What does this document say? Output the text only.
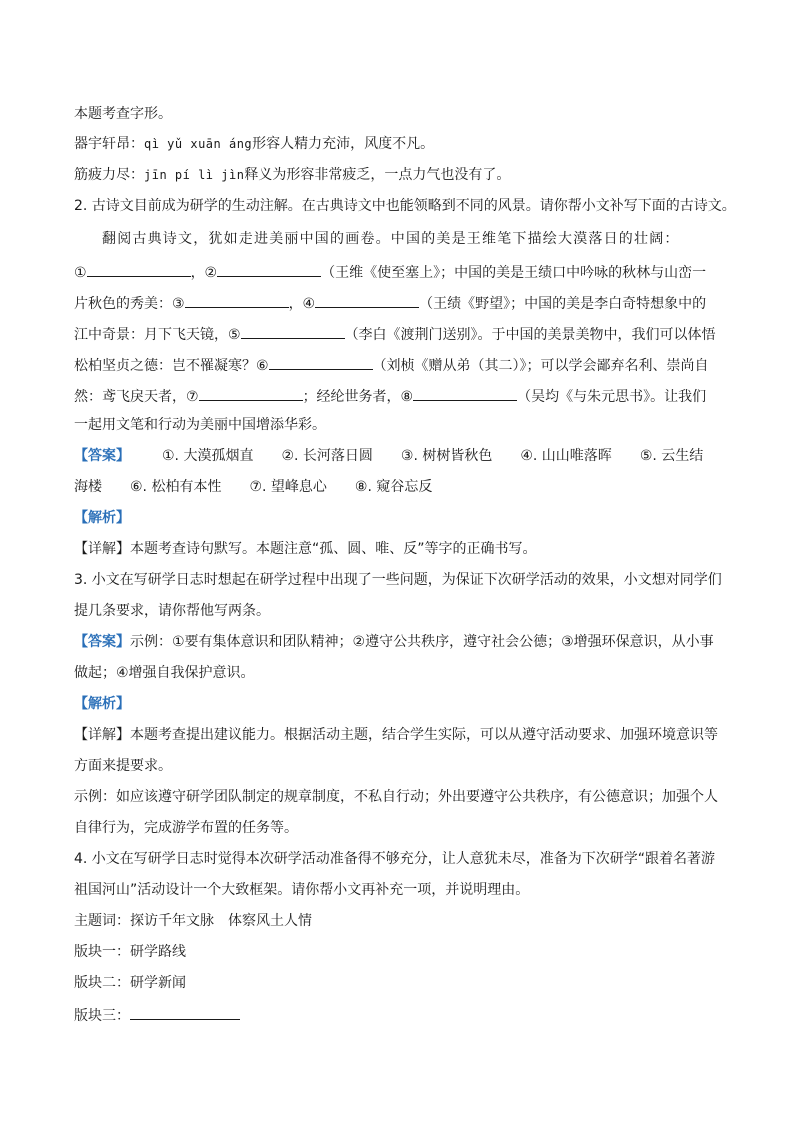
本题考查字形。
器宇轩昂：qì yǔ xuān áng形容人精力充沛，风度不凡。
筋疲力尽：jīn pí lì jìn释义为形容非常疲乏，一点力气也没有了。
2. 古诗文目前成为研学的生动注解。在古典诗文中也能领略到不同的风景。请你帮小文补写下面的古诗文。
翻阅古典诗文，犹如走进美丽中国的画卷。中国的美是王维笔下描绘大漠落日的壮阔：
①	，②	（王维《使至塞上》；中国的美是王绩口中吟咏的秋林与山峦一
片秋色的秀美：③	，④	（王绩《野望》；中国的美是李白奇特想象中的
江中奇景：月下飞天镜，⑤	（李白《渡荆门送别》。于中国的美景美物中，我们可以体悟
松柏坚贞之德：岂不罹凝寒？⑥	（刘桢《赠从弟（其二）》；可以学会鄙弃名利、崇尚自
然：鸢飞戾天者，⑦	；经纶世务者，⑧	（吴均《与朱元思书》。让我们
一起用文笔和行动为美丽中国增添华彩。
【答案】 ①. 大漠孤烟直 ②. 长河落日圆 ③. 树树皆秋色 ④. 山山唯落晖 ⑤. 云生结
海楼 ⑥. 松柏有本性 ⑦. 望峰息心 ⑧. 窥谷忘反
【解析】
【详解】本题考查诗句默写。本题注意“孤、圆、唯、反”等字的正确书写。
3. 小文在写研学日志时想起在研学过程中出现了一些问题，为保证下次研学活动的效果，小文想对同学们
提几条要求，请你帮他写两条。
【答案】示例：①要有集体意识和团队精神；②遵守公共秩序，遵守社会公德；③增强环保意识，从小事
做起；④增强自我保护意识。
【解析】
【详解】本题考查提出建议能力。根据活动主题，结合学生实际，可以从遵守活动要求、加强环境意识等
方面来提要求。
示例：如应该遵守研学团队制定的规章制度，不私自行动；外出要遵守公共秩序，有公德意识；加强个人
自律行为，完成游学布置的任务等。
4. 小文在写研学日志时觉得本次研学活动准备得不够充分，让人意犹未尽，准备为下次研学“跟着名著游
祖国河山”活动设计一个大致框架。请你帮小文再补充一项，并说明理由。
主题词：探访千年文脉　体察风土人情
版块一：研学路线
版块二：研学新闻
版块三：
